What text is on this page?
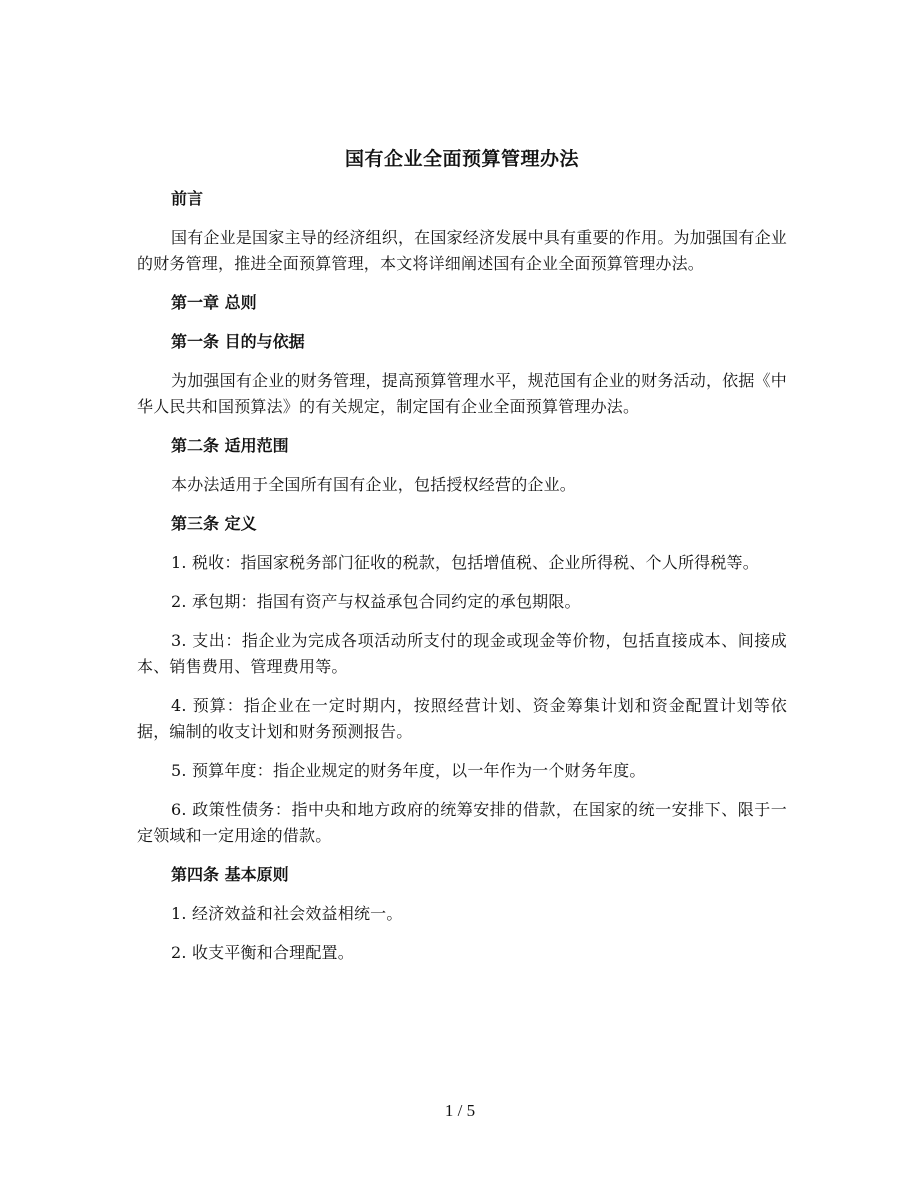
国有企业全面预算管理办法
前言
国有企业是国家主导的经济组织，在国家经济发展中具有重要的作用。为加强国有企业的财务管理，推进全面预算管理，本文将详细阐述国有企业全面预算管理办法。
第一章 总则
第一条 目的与依据
为加强国有企业的财务管理，提高预算管理水平，规范国有企业的财务活动，依据《中华人民共和国预算法》的有关规定，制定国有企业全面预算管理办法。
第二条 适用范围
本办法适用于全国所有国有企业，包括授权经营的企业。
第三条 定义
1. 税收：指国家税务部门征收的税款，包括增值税、企业所得税、个人所得税等。
2. 承包期：指国有资产与权益承包合同约定的承包期限。
3. 支出：指企业为完成各项活动所支付的现金或现金等价物，包括直接成本、间接成本、销售费用、管理费用等。
4. 预算：指企业在一定时期内，按照经营计划、资金筹集计划和资金配置计划等依据，编制的收支计划和财务预测报告。
5. 预算年度：指企业规定的财务年度，以一年作为一个财务年度。
6. 政策性债务：指中央和地方政府的统筹安排的借款，在国家的统一安排下、限于一定领域和一定用途的借款。
第四条 基本原则
1. 经济效益和社会效益相统一。
2. 收支平衡和合理配置。
1 / 5
